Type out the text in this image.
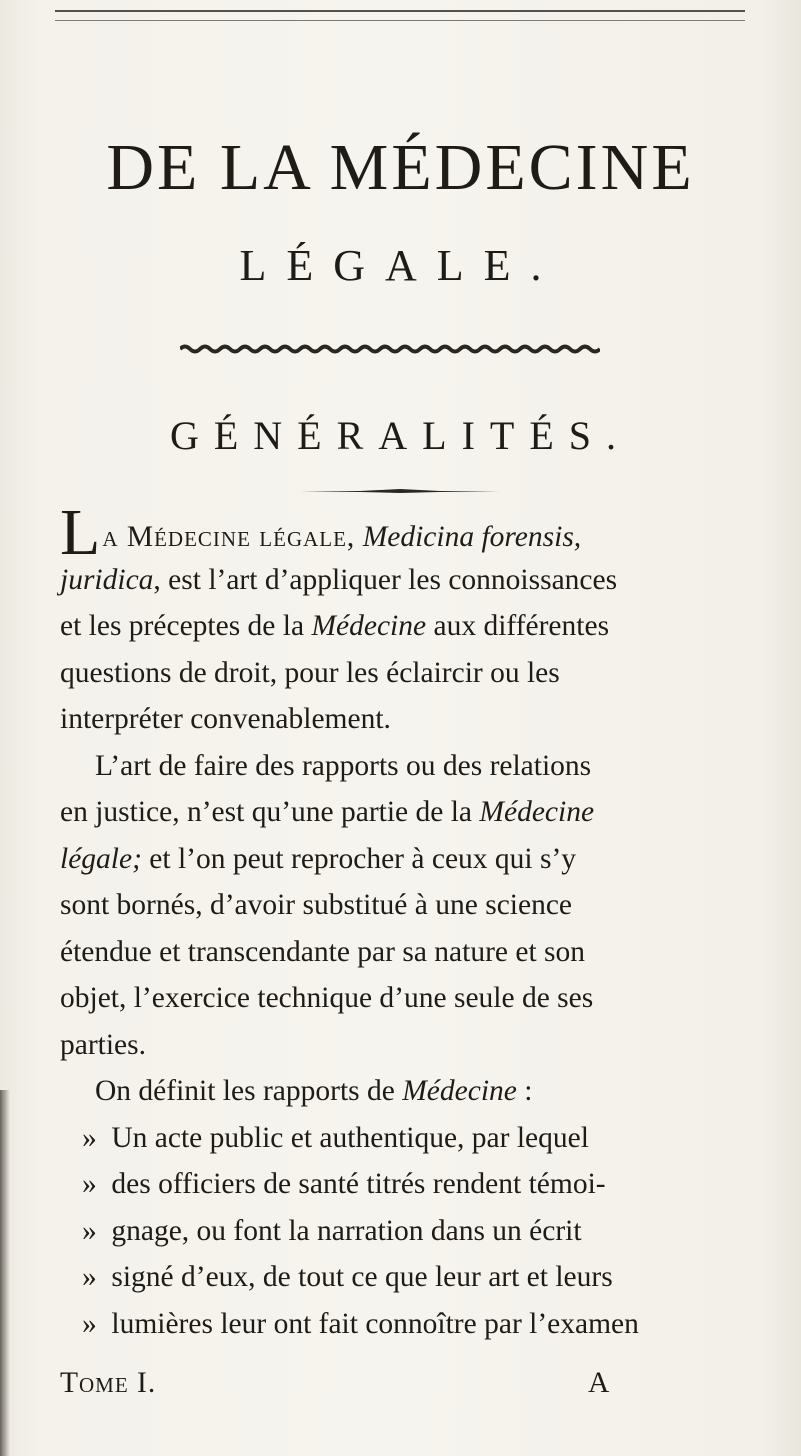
DE LA MÉDECINE
LÉGALE.
GÉNÉRALITÉS.
La Médecine légale, Medicina forensis,
juridica, est l’art d’appliquer les connoissances
et les préceptes de la Médecine aux différentes
questions de droit, pour les éclaircir ou les
interpréter convenablement.
L’art de faire des rapports ou des relations
en justice, n’est qu’une partie de la Médecine
légale; et l’on peut reprocher à ceux qui s’y
sont bornés, d’avoir substitué à une science
étendue et transcendante par sa nature et son
objet, l’exercice technique d’une seule de ses
parties.
On définit les rapports de Médecine :
» Un acte public et authentique, par lequel
» des officiers de santé titrés rendent témoi-
» gnage, ou font la narration dans un écrit
» signé d’eux, de tout ce que leur art et leurs
» lumières leur ont fait connoître par l’examen
Tome I.	A
